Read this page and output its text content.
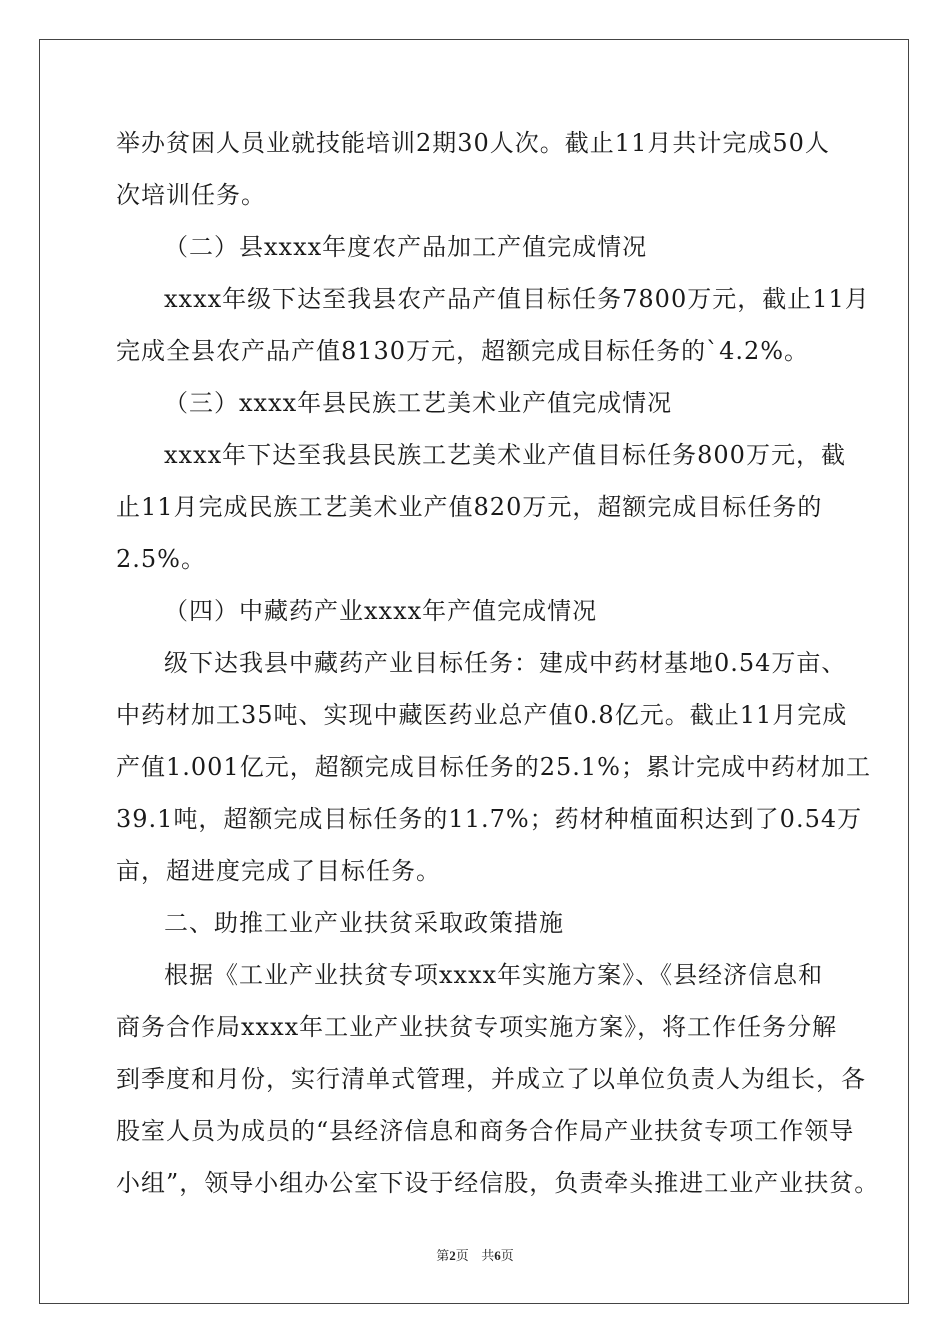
举办贫困人员业就技能培训2期30人次。截止11月共计完成50人
次培训任务。
（二）县xxxx年度农产品加工产值完成情况
xxxx年级下达至我县农产品产值目标任务7800万元，截止11月
完成全县农产品产值8130万元，超额完成目标任务的`4.2%。
（三）xxxx年县民族工艺美术业产值完成情况
xxxx年下达至我县民族工艺美术业产值目标任务800万元，截
止11月完成民族工艺美术业产值820万元，超额完成目标任务的
2.5%。
（四）中藏药产业xxxx年产值完成情况
级下达我县中藏药产业目标任务：建成中药材基地0.54万亩、
中药材加工35吨、实现中藏医药业总产值0.8亿元。截止11月完成
产值1.001亿元，超额完成目标任务的25.1%；累计完成中药材加工
39.1吨，超额完成目标任务的11.7%；药材种植面积达到了0.54万
亩，超进度完成了目标任务。
二、助推工业产业扶贫采取政策措施
根据《工业产业扶贫专项xxxx年实施方案》、《县经济信息和
商务合作局xxxx年工业产业扶贫专项实施方案》，将工作任务分解
到季度和月份，实行清单式管理，并成立了以单位负责人为组长，各
股室人员为成员的“县经济信息和商务合作局产业扶贫专项工作领导
小组”，领导小组办公室下设于经信股，负责牵头推进工业产业扶贫。
第2页 共6页
